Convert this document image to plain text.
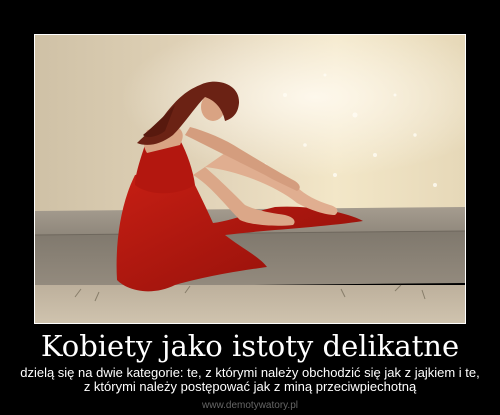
Kobiety jako istoty delikatne
dzielą się na dwie kategorie: te, z którymi należy obchodzić się jak z jajkiem i te,
z którymi należy postępować jak z miną przeciwpiechotną
www.demotywatory.pl
